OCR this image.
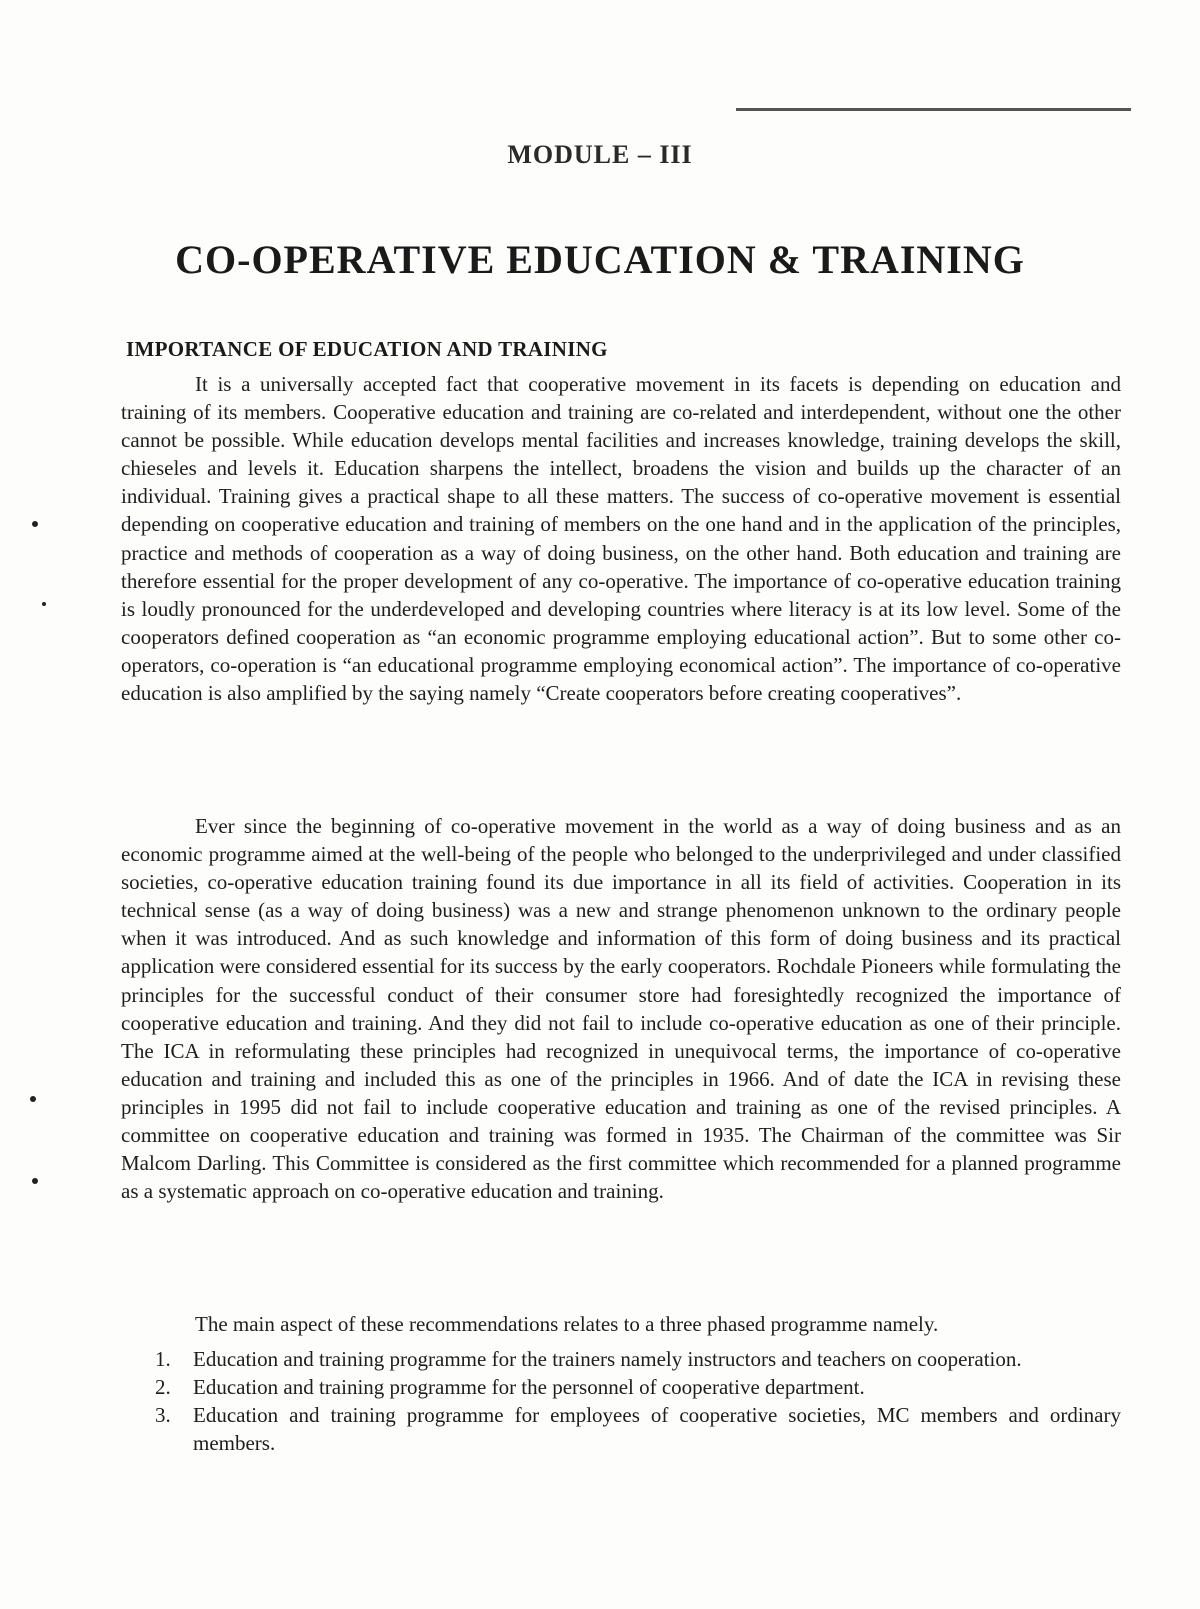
MODULE – III
CO-OPERATIVE EDUCATION & TRAINING
IMPORTANCE OF EDUCATION AND TRAINING

It is a universally accepted fact that cooperative movement in its facets is depending on education and training of its members. Cooperative education and training are co-related and interdependent, without one the other cannot be possible. While education develops mental facilities and increases knowledge, training develops the skill, chieseles and levels it. Education sharpens the intellect, broadens the vision and builds up the character of an individual. Training gives a practical shape to all these matters. The success of co-operative movement is essential depending on cooperative education and training of members on the one hand and in the application of the principles, practice and methods of cooperation as a way of doing business, on the other hand. Both education and training are therefore essential for the proper development of any co-operative. The importance of co-operative education training is loudly pronounced for the underdeveloped and developing countries where literacy is at its low level. Some of the cooperators defined cooperation as “an economic programme employing educational action”. But to some other co-operators, co-operation is “an educational programme employing economical action”. The importance of co-operative education is also amplified by the saying namely “Create cooperators before creating cooperatives”.

Ever since the beginning of co-operative movement in the world as a way of doing business and as an economic programme aimed at the well-being of the people who belonged to the underprivileged and under classified societies, co-operative education training found its due importance in all its field of activities. Cooperation in its technical sense (as a way of doing business) was a new and strange phenomenon unknown to the ordinary people when it was introduced. And as such knowledge and information of this form of doing business and its practical application were considered essential for its success by the early cooperators. Rochdale Pioneers while formulating the principles for the successful conduct of their consumer store had foresightedly recognized the importance of cooperative education and training. And they did not fail to include co-operative education as one of their principle. The ICA in reformulating these principles had recognized in unequivocal terms, the importance of co-operative education and training and included this as one of the principles in 1966. And of date the ICA in revising these principles in 1995 did not fail to include cooperative education and training as one of the revised principles. A committee on cooperative education and training was formed in 1935. The Chairman of the committee was Sir Malcom Darling. This Committee is considered as the first committee which recommended for a planned programme as a systematic approach on co-operative education and training.

The main aspect of these recommendations relates to a three phased programme namely.

1. Education and training programme for the trainers namely instructors and teachers on cooperation.
2. Education and training programme for the personnel of cooperative department.
3. Education and training programme for employees of cooperative societies, MC members and ordinary members.
